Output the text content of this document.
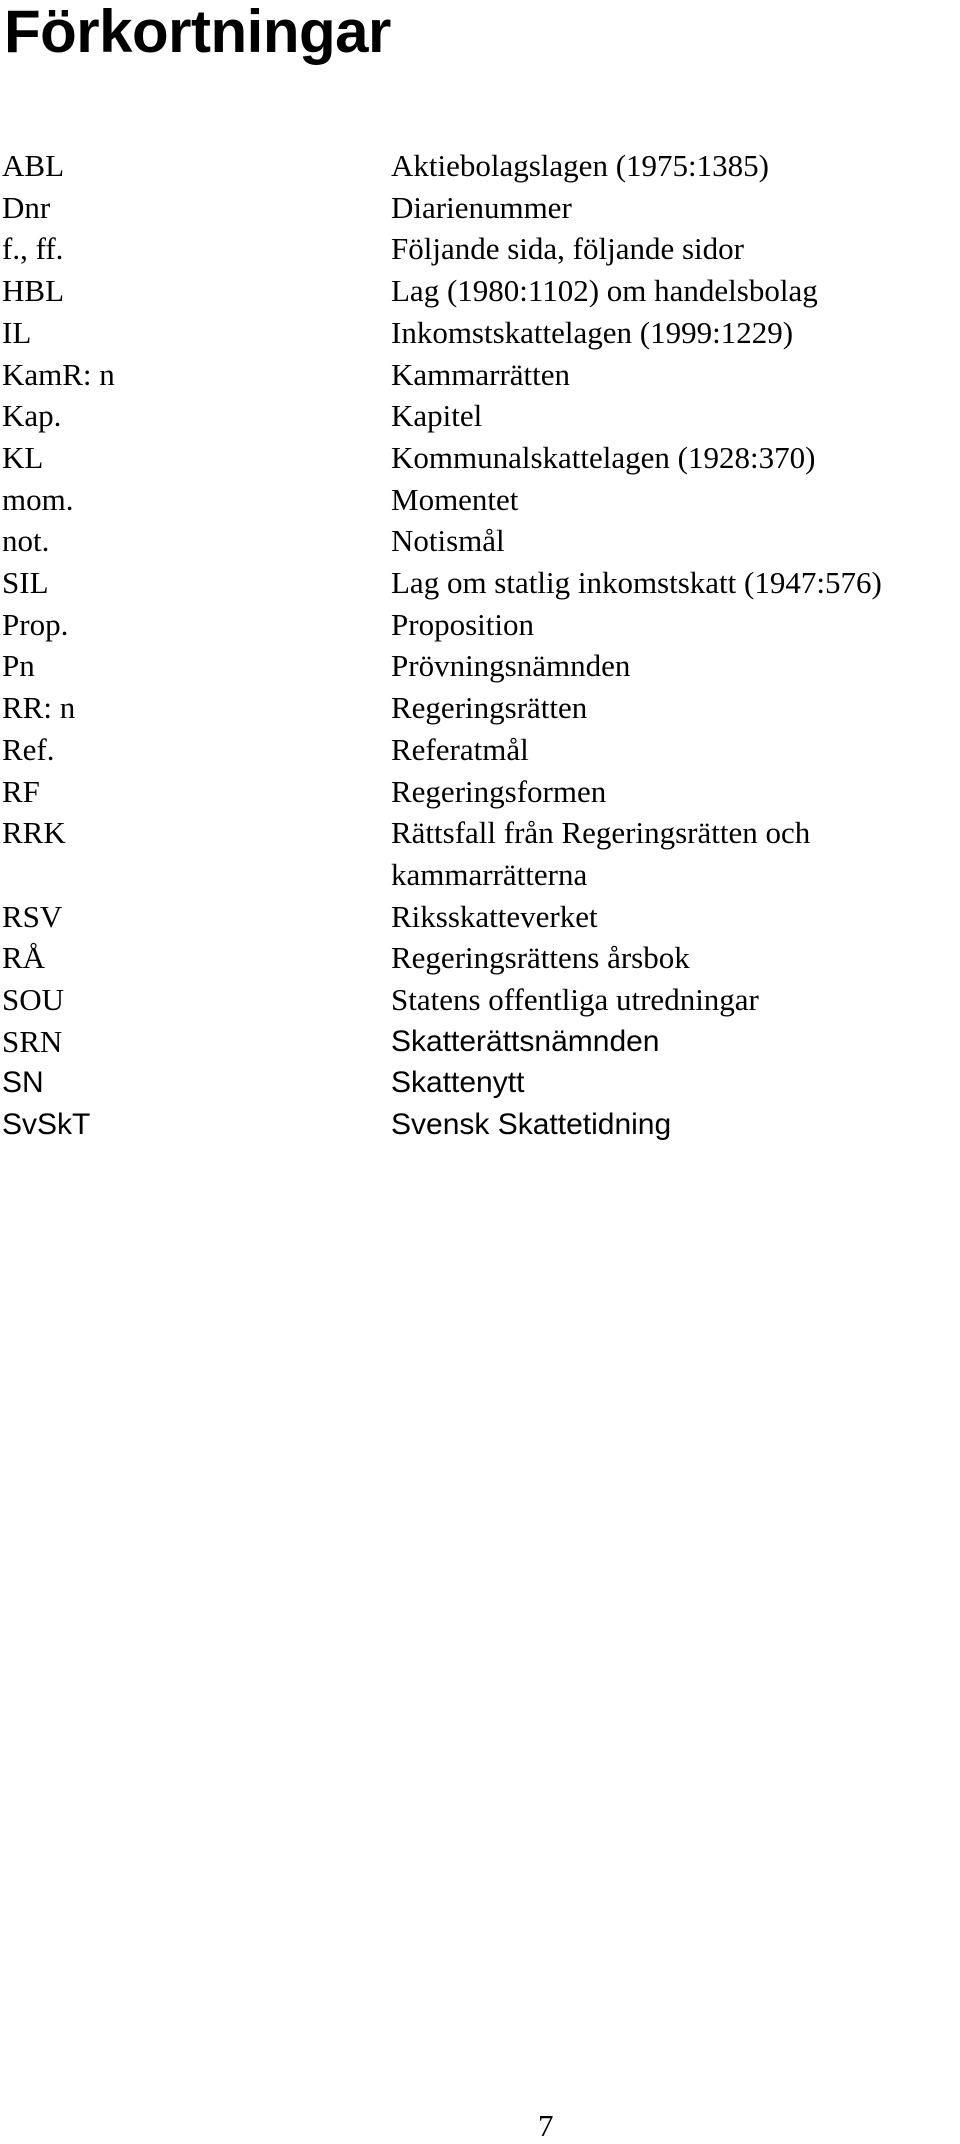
Förkortningar
ABL	Aktiebolagslagen (1975:1385)
Dnr	Diarienummer
f., ff.	Följande sida, följande sidor
HBL	Lag (1980:1102) om handelsbolag
IL	Inkomstskattelagen (1999:1229)
KamR: n	Kammarrätten
Kap.	Kapitel
KL	Kommunalskattelagen (1928:370)
mom.	Momentet
not.	Notismål
SIL	Lag om statlig inkomstskatt (1947:576)
Prop.	Proposition
Pn	Prövningsnämnden
RR: n	Regeringsrätten
Ref.	Referatmål
RF	Regeringsformen
RRK	Rättsfall från Regeringsrätten och
kammarrätterna
RSV	Riksskatteverket
RÅ	Regeringsrättens årsbok
SOU	Statens offentliga utredningar
SRN	Skatterättsnämnden
SN	Skattenytt
SvSkT	Svensk Skattetidning
7
